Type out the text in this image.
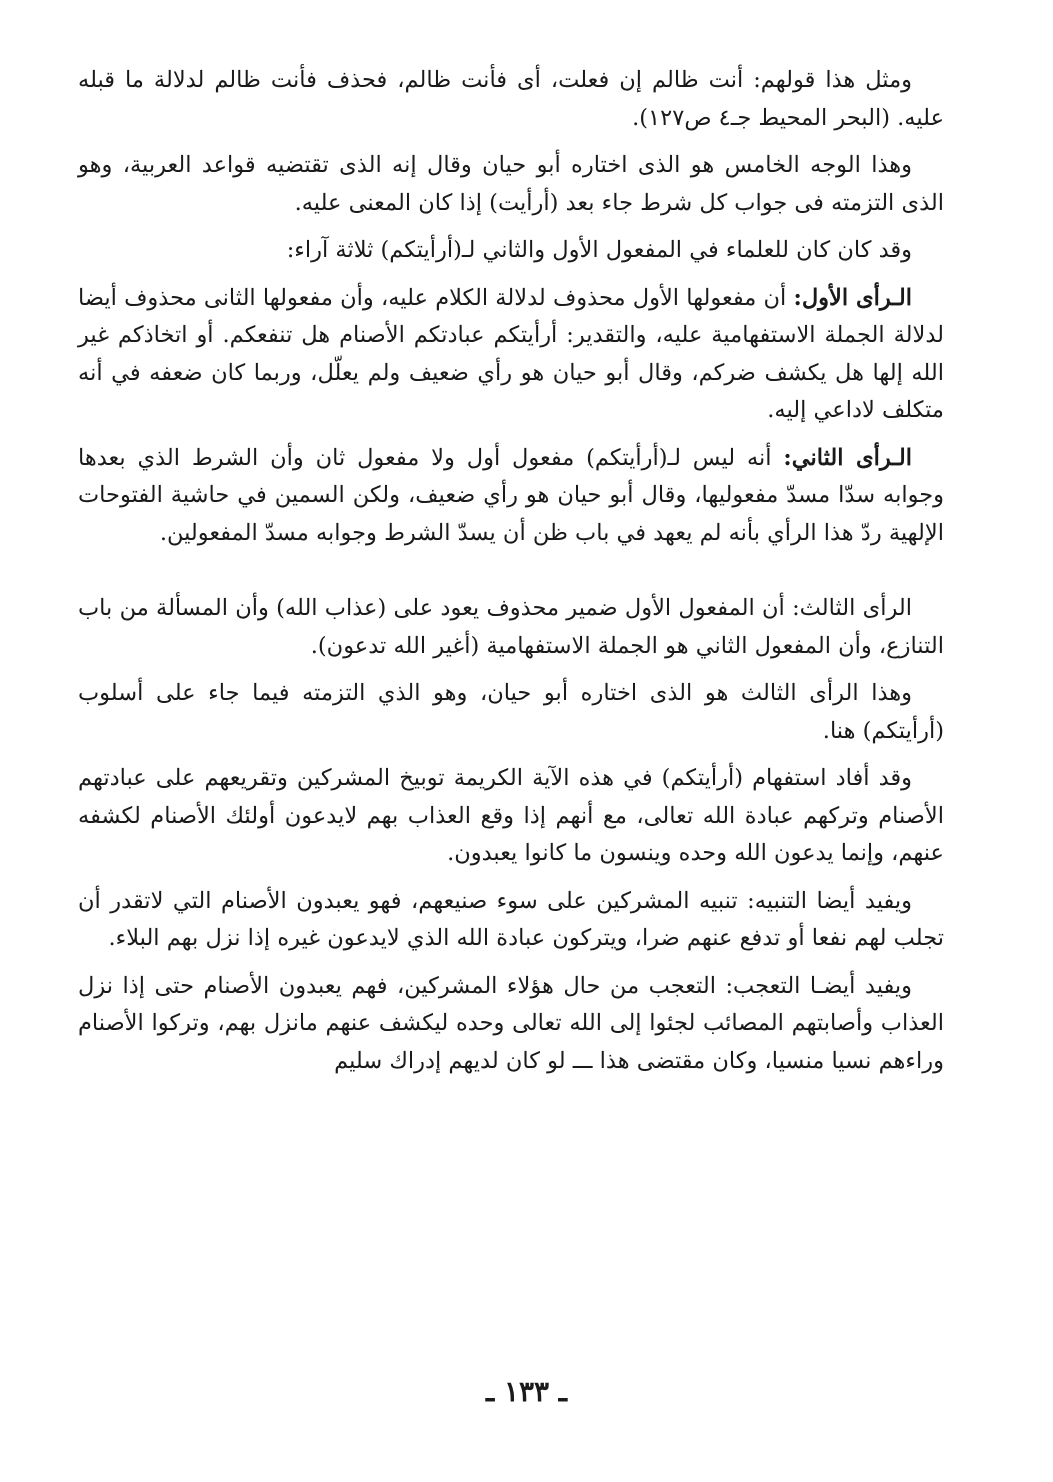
ومثل هذا قولهم: أنت ظالم إن فعلت، أى فأنت ظالم، فحذف فأنت ظالم لدلالة ما قبله عليه. (البحر المحيط جـ٤ ص١٢٧).

وهذا الوجه الخامس هو الذى اختاره أبو حيان وقال إنه الذى تقتضيه قواعد العربية، وهو الذى التزمته فى جواب كل شرط جاء بعد (أرأيت) إذا كان المعنى عليه.

وقد كان كان للعلماء في المفعول الأول والثاني لـ(أرأيتكم) ثلاثة آراء:

الـرأى الأول: أن مفعولها الأول محذوف لدلالة الكلام عليه، وأن مفعولها الثانى محذوف أيضا لدلالة الجملة الاستفهامية عليه، والتقدير: أرأيتكم عبادتكم الأصنام هل تنفعكم. أو اتخاذكم غير الله إلها هل يكشف ضركم، وقال أبو حيان هو رأي ضعيف ولم يعلّل، وربما كان ضعفه في أنه متكلف لاداعي إليه.

الـرأى الثاني: أنه ليس لـ(أرأيتكم) مفعول أول ولا مفعول ثان وأن الشرط الذي بعدها وجوابه سدّا مسدّ مفعوليها، وقال أبو حيان هو رأي ضعيف، ولكن السمين في حاشية الفتوحات الإلهية ردّ هذا الرأي بأنه لم يعهد في باب ظن أن يسدّ الشرط وجوابه مسدّ المفعولين.

الرأى الثالث: أن المفعول الأول ضمير محذوف يعود على (عذاب الله) وأن المسألة من باب التنازع، وأن المفعول الثاني هو الجملة الاستفهامية (أغير الله تدعون).

وهذا الرأى الثالث هو الذى اختاره أبو حيان، وهو الذي التزمته فيما جاء على أسلوب (أرأيتكم) هنا.

وقد أفاد استفهام (أرأيتكم) في هذه الآية الكريمة توبيخ المشركين وتقريعهم على عبادتهم الأصنام وتركهم عبادة الله تعالى، مع أنهم إذا وقع العذاب بهم لايدعون أولئك الأصنام لكشفه عنهم، وإنما يدعون الله وحده وينسون ما كانوا يعبدون.

ويفيد أيضا التنبيه: تنبيه المشركين على سوء صنيعهم، فهو يعبدون الأصنام التي لاتقدر أن تجلب لهم نفعا أو تدفع عنهم ضرا، ويتركون عبادة الله الذي لايدعون غيره إذا نزل بهم البلاء.

ويفيد أيضـا التعجب: التعجب من حال هؤلاء المشركين، فهم يعبدون الأصنام حتى إذا نزل العذاب وأصابتهم المصائب لجئوا إلى الله تعالى وحده ليكشف عنهم مانزل بهم، وتركوا الأصنام وراءهم نسيا منسيا، وكان مقتضى هذا ـــ لو كان لديهم إدراك سليم

ـ ١٣٣ ـ
